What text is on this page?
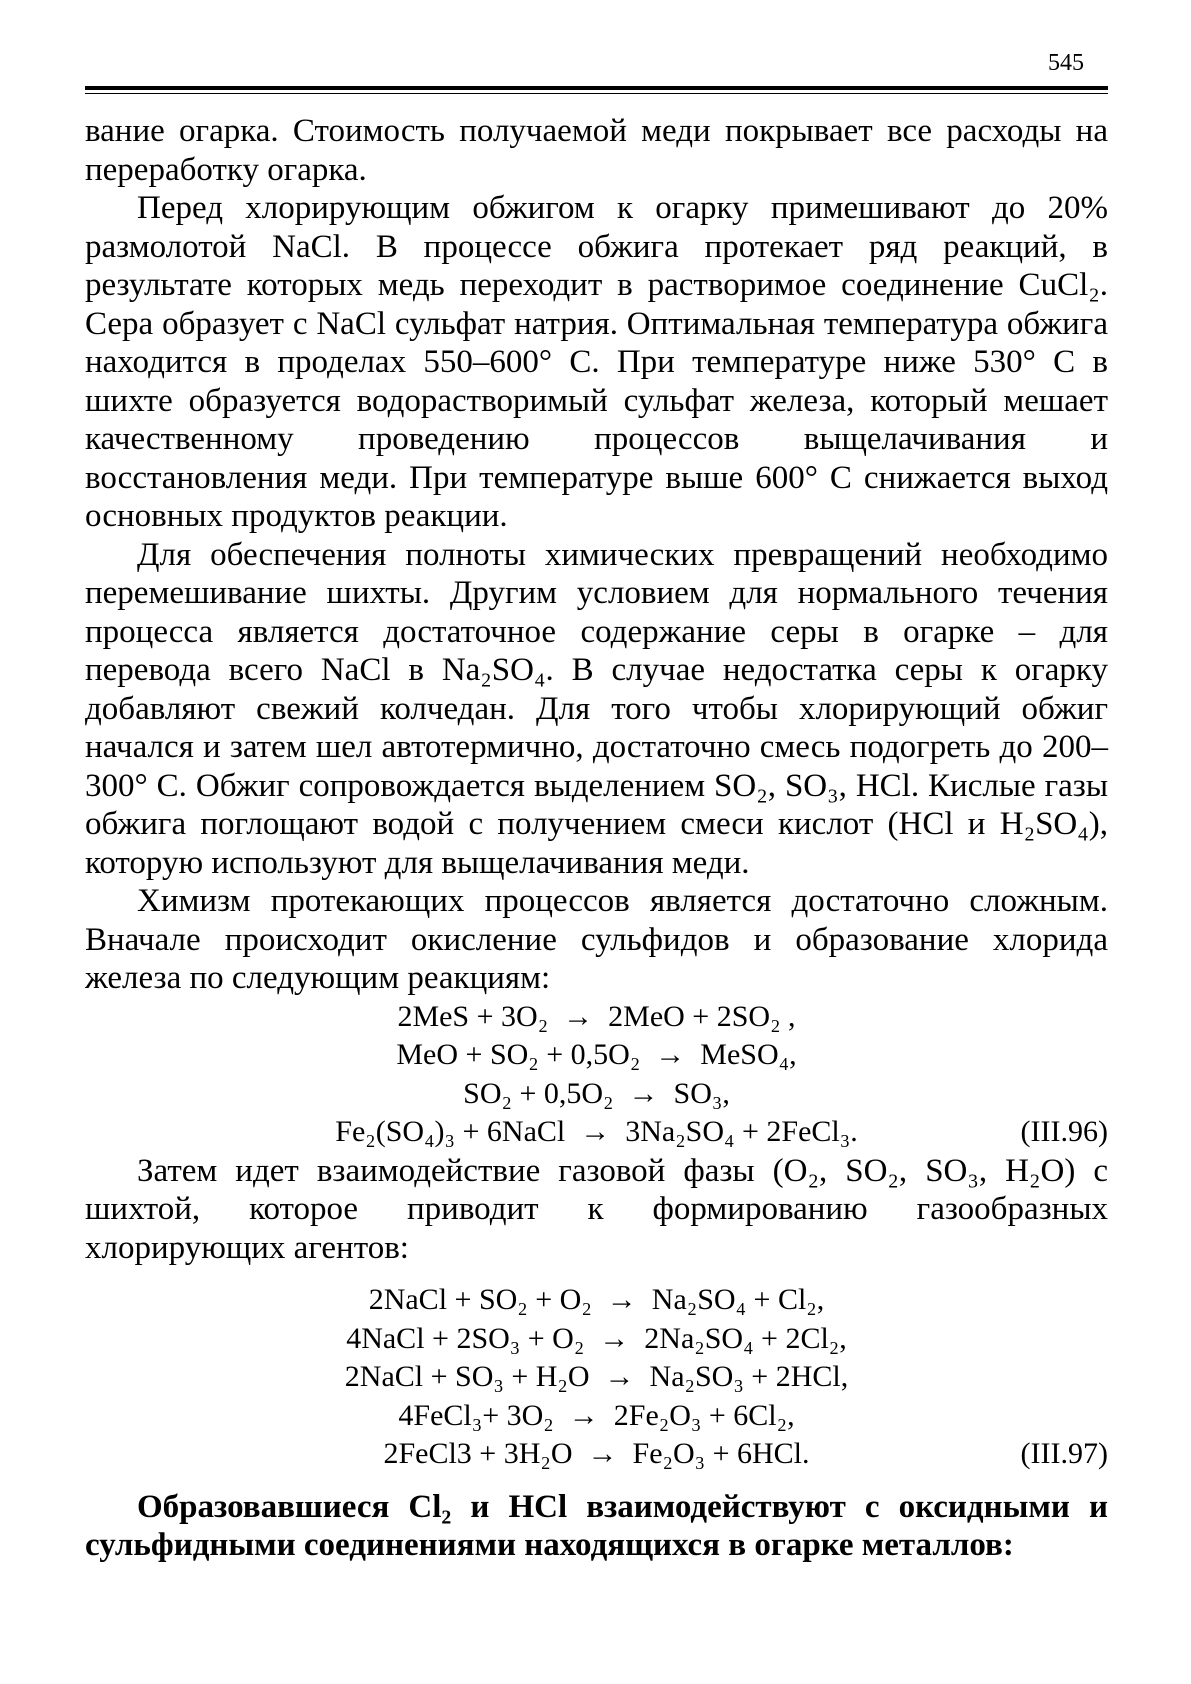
545

вание огарка. Стоимость получаемой меди покрывает все расходы на переработку огарка.

Перед хлорирующим обжигом к огарку примешивают до 20% размолотой NaCl. В процессе обжига протекает ряд реакций, в результате которых медь переходит в растворимое соединение CuCl₂. Сера образует с NaCl сульфат натрия. Оптимальная температура обжига находится в проделах 550–600° С. При температуре ниже 530° С в шихте образуется водорастворимый сульфат железа, который мешает качественному проведению процессов выщелачивания и восстановления меди. При температуре выше 600° С снижается выход основных продуктов реакции.

Для обеспечения полноты химических превращений необходимо перемешивание шихты. Другим условием для нормального течения процесса является достаточное содержание серы в огарке – для перевода всего NaCl в Na₂SO₄. В случае недостатка серы к огарку добавляют свежий колчедан. Для того чтобы хлорирующий обжиг начался и затем шел автотермично, достаточно смесь подогреть до 200–300° С. Обжиг сопровождается выделением SO₂, SO₃, HCl. Кислые газы обжига поглощают водой с получением смеси кислот (HCl и H₂SO₄), которую используют для выщелачивания меди.

Химизм протекающих процессов является достаточно сложным. Вначале происходит окисление сульфидов и образование хлорида железа по следующим реакциям:

2MeS + 3O₂  →  2MeO + 2SO₂ ,
MeO + SO₂ + 0,5O₂  →  MeSO₄,
SO₂ + 0,5O₂  →  SO₃,
Fe₂(SO₄)₃ + 6NaCl  →  3Na₂SO₄ + 2FeCl₃.	(III.96)

Затем идет взаимодействие газовой фазы (O₂, SO₂, SO₃, H₂O) с шихтой, которое приводит к формированию газообразных хлорирующих агентов:

2NaCl + SO₂ + O₂  →  Na₂SO₄ + Cl₂,
4NaCl + 2SO₃ + O₂  →  2Na₂SO₄ + 2Cl₂,
2NaCl + SO₃ + H₂O  →  Na₂SO₃ + 2HCl,
4FeCl₃+ 3O₂  →  2Fe₂O₃ + 6Cl₂,
2FeCl3 + 3H₂O  →  Fe₂O₃ + 6HCl.	(III.97)

Образовавшиеся Cl₂ и HCl взаимодействуют с оксидными и сульфидными соединениями находящихся в огарке металлов:
